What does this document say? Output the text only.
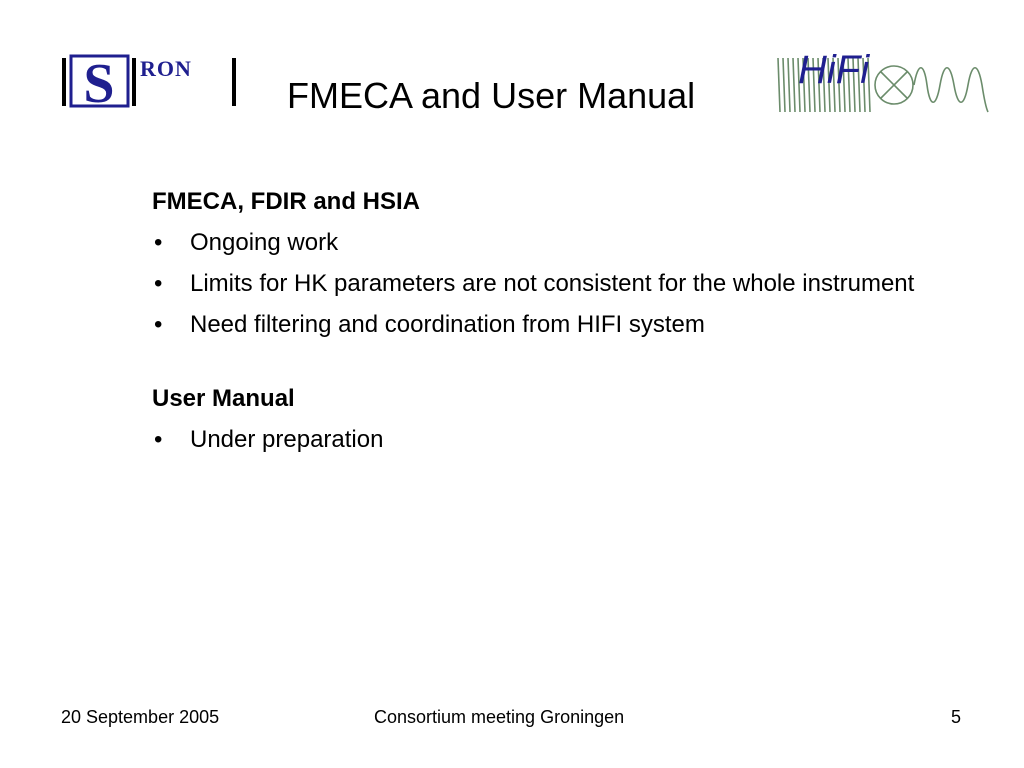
S RON
FMECA and User Manual
HiFi

FMECA, FDIR and HSIA

• Ongoing work
• Limits for HK parameters are not consistent for the whole instrument
• Need filtering and coordination from HIFI system

User Manual

• Under preparation
20 September 2005	Consortium meeting Groningen	5
